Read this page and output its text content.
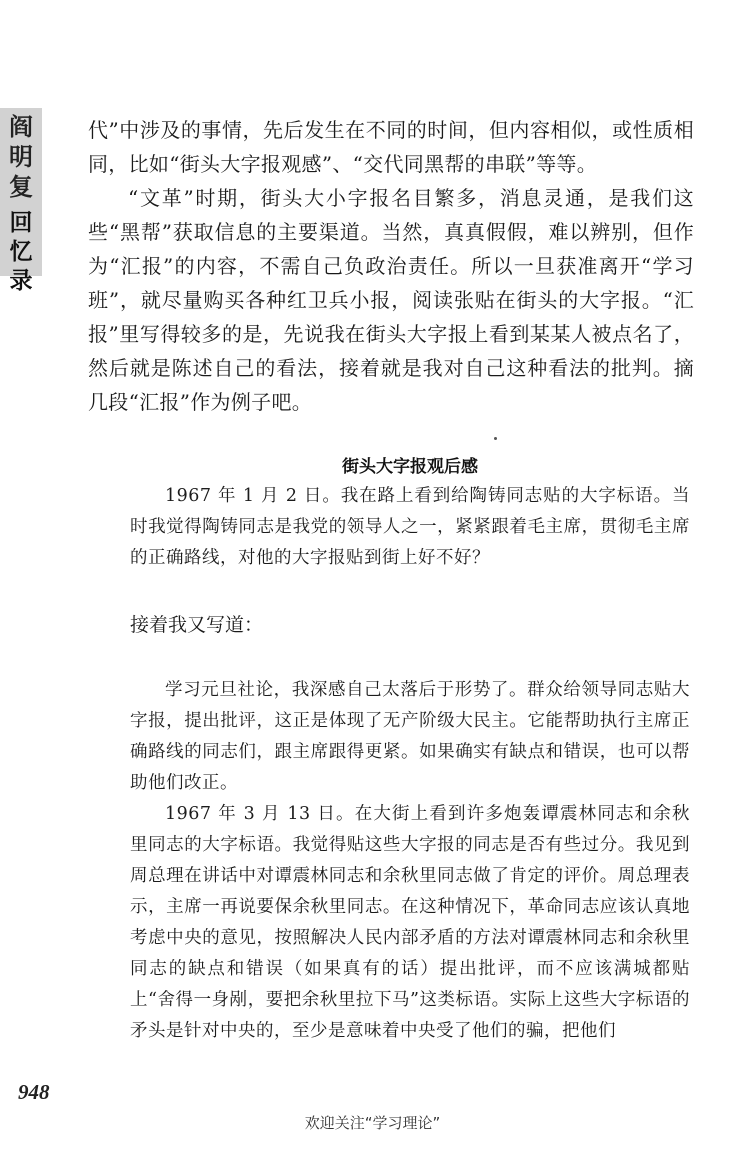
阎
明
复
回
忆
录

代”中涉及的事情，先后发生在不同的时间，但内容相似，或性质相同，比如“街头大字报观感”、“交代同黑帮的串联”等等。

“文革”时期，街头大小字报名目繁多，消息灵通，是我们这些“黑帮”获取信息的主要渠道。当然，真真假假，难以辨别，但作为“汇报”的内容，不需自己负政治责任。所以一旦获准离开“学习班”，就尽量购买各种红卫兵小报，阅读张贴在街头的大字报。“汇报”里写得较多的是，先说我在街头大字报上看到某某人被点名了，然后就是陈述自己的看法，接着就是我对自己这种看法的批判。摘几段“汇报”作为例子吧。

街头大字报观后感

1967 年 1 月 2 日。我在路上看到给陶铸同志贴的大字标语。当时我觉得陶铸同志是我党的领导人之一，紧紧跟着毛主席，贯彻毛主席的正确路线，对他的大字报贴到街上好不好？

接着我又写道：

学习元旦社论，我深感自己太落后于形势了。群众给领导同志贴大字报，提出批评，这正是体现了无产阶级大民主。它能帮助执行主席正确路线的同志们，跟主席跟得更紧。如果确实有缺点和错误，也可以帮助他们改正。

1967 年 3 月 13 日。在大街上看到许多炮轰谭震林同志和余秋里同志的大字标语。我觉得贴这些大字报的同志是否有些过分。我见到周总理在讲话中对谭震林同志和余秋里同志做了肯定的评价。周总理表示，主席一再说要保余秋里同志。在这种情况下，革命同志应该认真地考虑中央的意见，按照解决人民内部矛盾的方法对谭震林同志和余秋里同志的缺点和错误（如果真有的话）提出批评，而不应该满城都贴上“舍得一身剐，要把余秋里拉下马”这类标语。实际上这些大字标语的矛头是针对中央的，至少是意味着中央受了他们的骗，把他们

948
欢迎关注“学习理论”
